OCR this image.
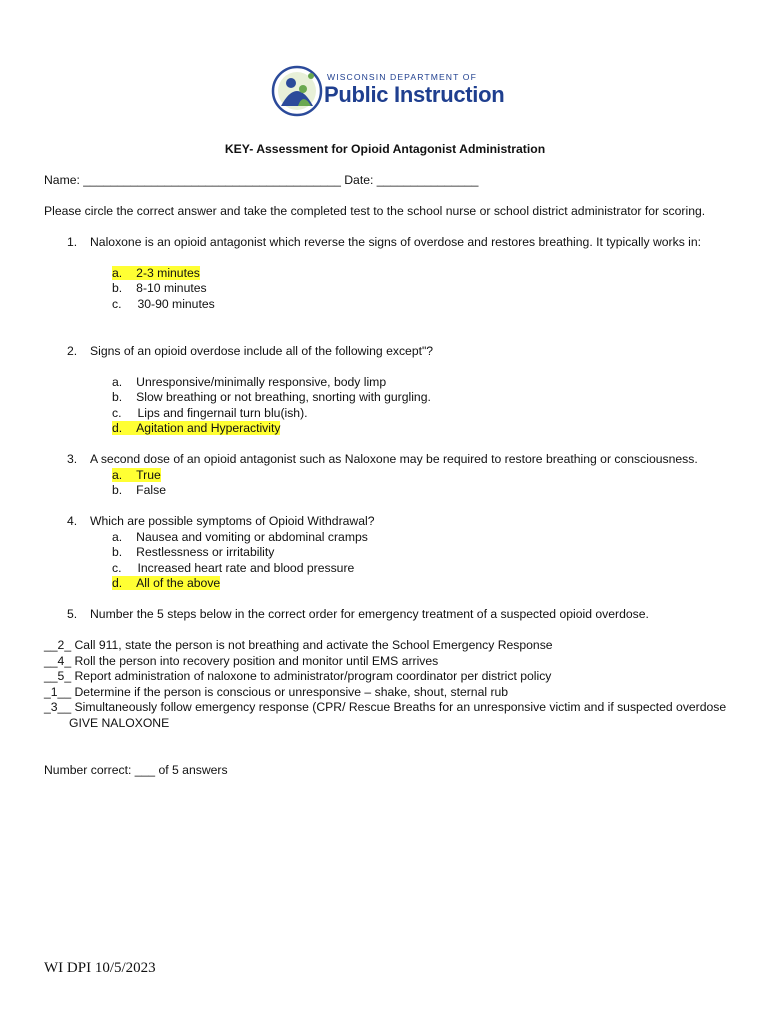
WISCONSIN DEPARTMENT OF
Public Instruction
KEY- Assessment for Opioid Antagonist Administration
Name: ______________________________________ Date: _______________
Please circle the correct answer and take the completed test to the school nurse or school district administrator for scoring.
1. Naloxone is an opioid antagonist which reverse the signs of overdose and restores breathing. It typically works in:
a. 2-3 minutes
b. 8-10 minutes
c. 30-90 minutes
2. Signs of an opioid overdose include all of the following except"?
a. Unresponsive/minimally responsive, body limp
b. Slow breathing or not breathing, snorting with gurgling.
c. Lips and fingernail turn blu(ish).
d. Agitation and Hyperactivity
3. A second dose of an opioid antagonist such as Naloxone may be required to restore breathing or consciousness.
a. True
b. False
4. Which are possible symptoms of Opioid Withdrawal?
a. Nausea and vomiting or abdominal cramps
b. Restlessness or irritability
c. Increased heart rate and blood pressure
d. All of the above
5. Number the 5 steps below in the correct order for emergency treatment of a suspected opioid overdose.
__2_ Call 911, state the person is not breathing and activate the School Emergency Response
__4_ Roll the person into recovery position and monitor until EMS arrives
__5_ Report administration of naloxone to administrator/program coordinator per district policy
_1__ Determine if the person is conscious or unresponsive – shake, shout, sternal rub
_3__ Simultaneously follow emergency response (CPR/ Rescue Breaths for an unresponsive victim and if suspected overdose
GIVE NALOXONE
Number correct: ___ of 5 answers
WI DPI 10/5/2023
